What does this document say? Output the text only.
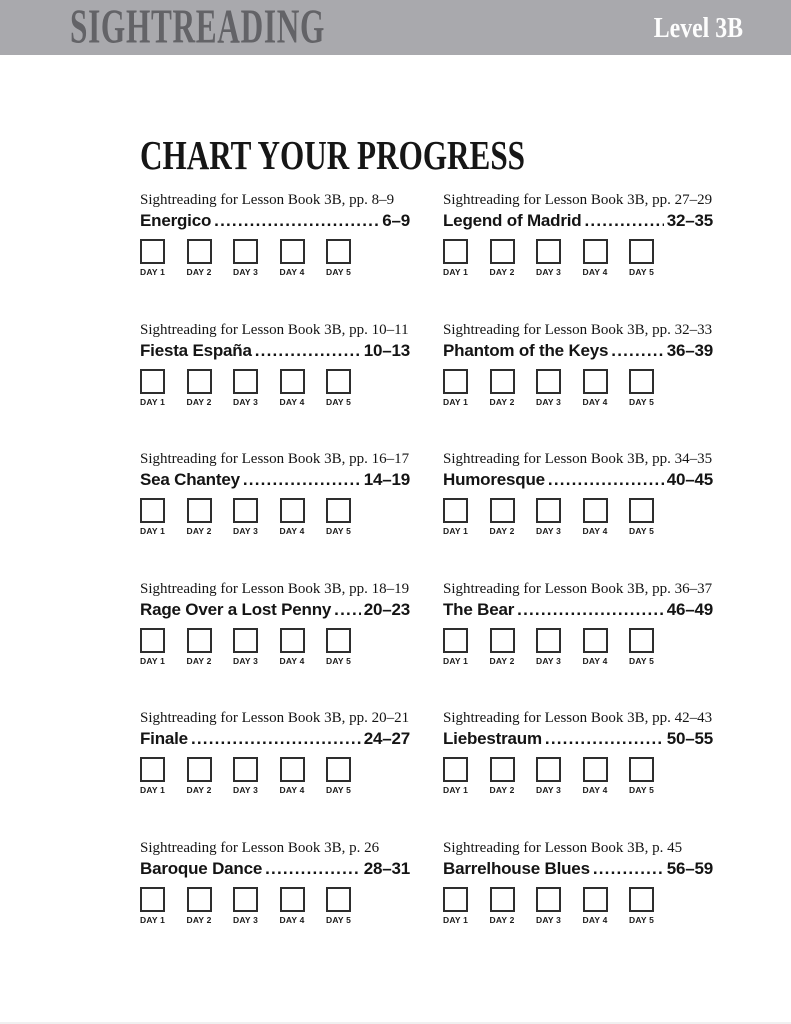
SIGHTREADING	Level 3B
CHART YOUR PROGRESS
Sightreading for Lesson Book 3B, pp. 8–9
Energico .....	6–9
DAY 1	DAY 2	DAY 3	DAY 4	DAY 5
Sightreading for Lesson Book 3B, pp. 27–29
Legend of Madrid .....	32–35
DAY 1	DAY 2	DAY 3	DAY 4	DAY 5
Sightreading for Lesson Book 3B, pp. 10–11
Fiesta España .....	10–13
DAY 1	DAY 2	DAY 3	DAY 4	DAY 5
Sightreading for Lesson Book 3B, pp. 32–33
Phantom of the Keys .....	36–39
DAY 1	DAY 2	DAY 3	DAY 4	DAY 5
Sightreading for Lesson Book 3B, pp. 16–17
Sea Chantey .....	14–19
DAY 1	DAY 2	DAY 3	DAY 4	DAY 5
Sightreading for Lesson Book 3B, pp. 34–35
Humoresque .....	40–45
DAY 1	DAY 2	DAY 3	DAY 4	DAY 5
Sightreading for Lesson Book 3B, pp. 18–19
Rage Over a Lost Penny ..... 20–23
DAY 1	DAY 2	DAY 3	DAY 4	DAY 5
Sightreading for Lesson Book 3B, pp. 36–37
The Bear .....	46–49
DAY 1	DAY 2	DAY 3	DAY 4	DAY 5
Sightreading for Lesson Book 3B, pp. 20–21
Finale .....	24–27
DAY 1	DAY 2	DAY 3	DAY 4	DAY 5
Sightreading for Lesson Book 3B, pp. 42–43
Liebestraum .....	50–55
DAY 1	DAY 2	DAY 3	DAY 4	DAY 5
Sightreading for Lesson Book 3B, p. 26
Baroque Dance .....	28–31
DAY 1	DAY 2	DAY 3	DAY 4	DAY 5
Sightreading for Lesson Book 3B, p. 45
Barrelhouse Blues .....	56–59
DAY 1	DAY 2	DAY 3	DAY 4	DAY 5
